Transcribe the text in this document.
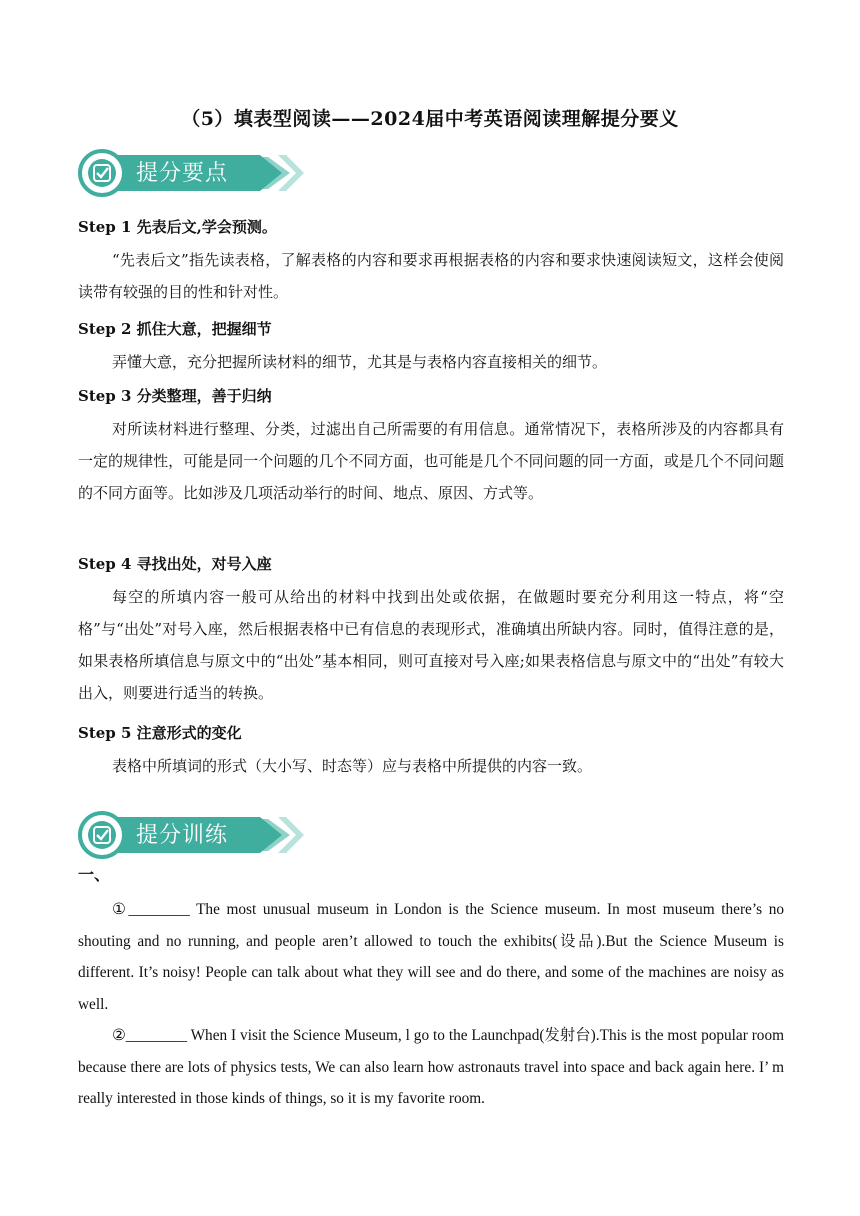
（5）填表型阅读——2024届中考英语阅读理解提分要义
提分要点
Step 1 先表后文,学会预测。
“先表后文”指先读表格，了解表格的内容和要求再根据表格的内容和要求快速阅读短文，这样会使阅读带有较强的目的性和针对性。
Step 2 抓住大意，把握细节
弄懂大意，充分把握所读材料的细节，尤其是与表格内容直接相关的细节。
Step 3 分类整理，善于归纳
对所读材料进行整理、分类，过滤出自己所需要的有用信息。通常情况下，表格所涉及的内容都具有一定的规律性，可能是同一个问题的几个不同方面，也可能是几个不同问题的同一方面，或是几个不同问题的不同方面等。比如涉及几项活动举行的时间、地点、原因、方式等。
Step 4 寻找出处，对号入座
每空的所填内容一般可从给出的材料中找到出处或依据，在做题时要充分利用这一特点，将“空格”与“出处”对号入座，然后根据表格中已有信息的表现形式，准确填出所缺内容。同时，值得注意的是，如果表格所填信息与原文中的“出处”基本相同，则可直接对号入座;如果表格信息与原文中的“出处”有较大出入，则要进行适当的转换。
Step 5 注意形式的变化
表格中所填词的形式（大小写、时态等）应与表格中所提供的内容一致。
提分训练
一、
①________ The most unusual museum in London is the Science museum. In most museum there’s no shouting and no running, and people aren’t allowed to touch the exhibits(设品).But the Science Museum is different. It’s noisy! People can talk about what they will see and do there, and some of the machines are noisy as well.
②________ When I visit the Science Museum, l go to the Launchpad(发射台).This is the most popular room because there are lots of physics tests, We can also learn how astronauts travel into space and back again here. I’ m really interested in those kinds of things, so it is my favorite room.
